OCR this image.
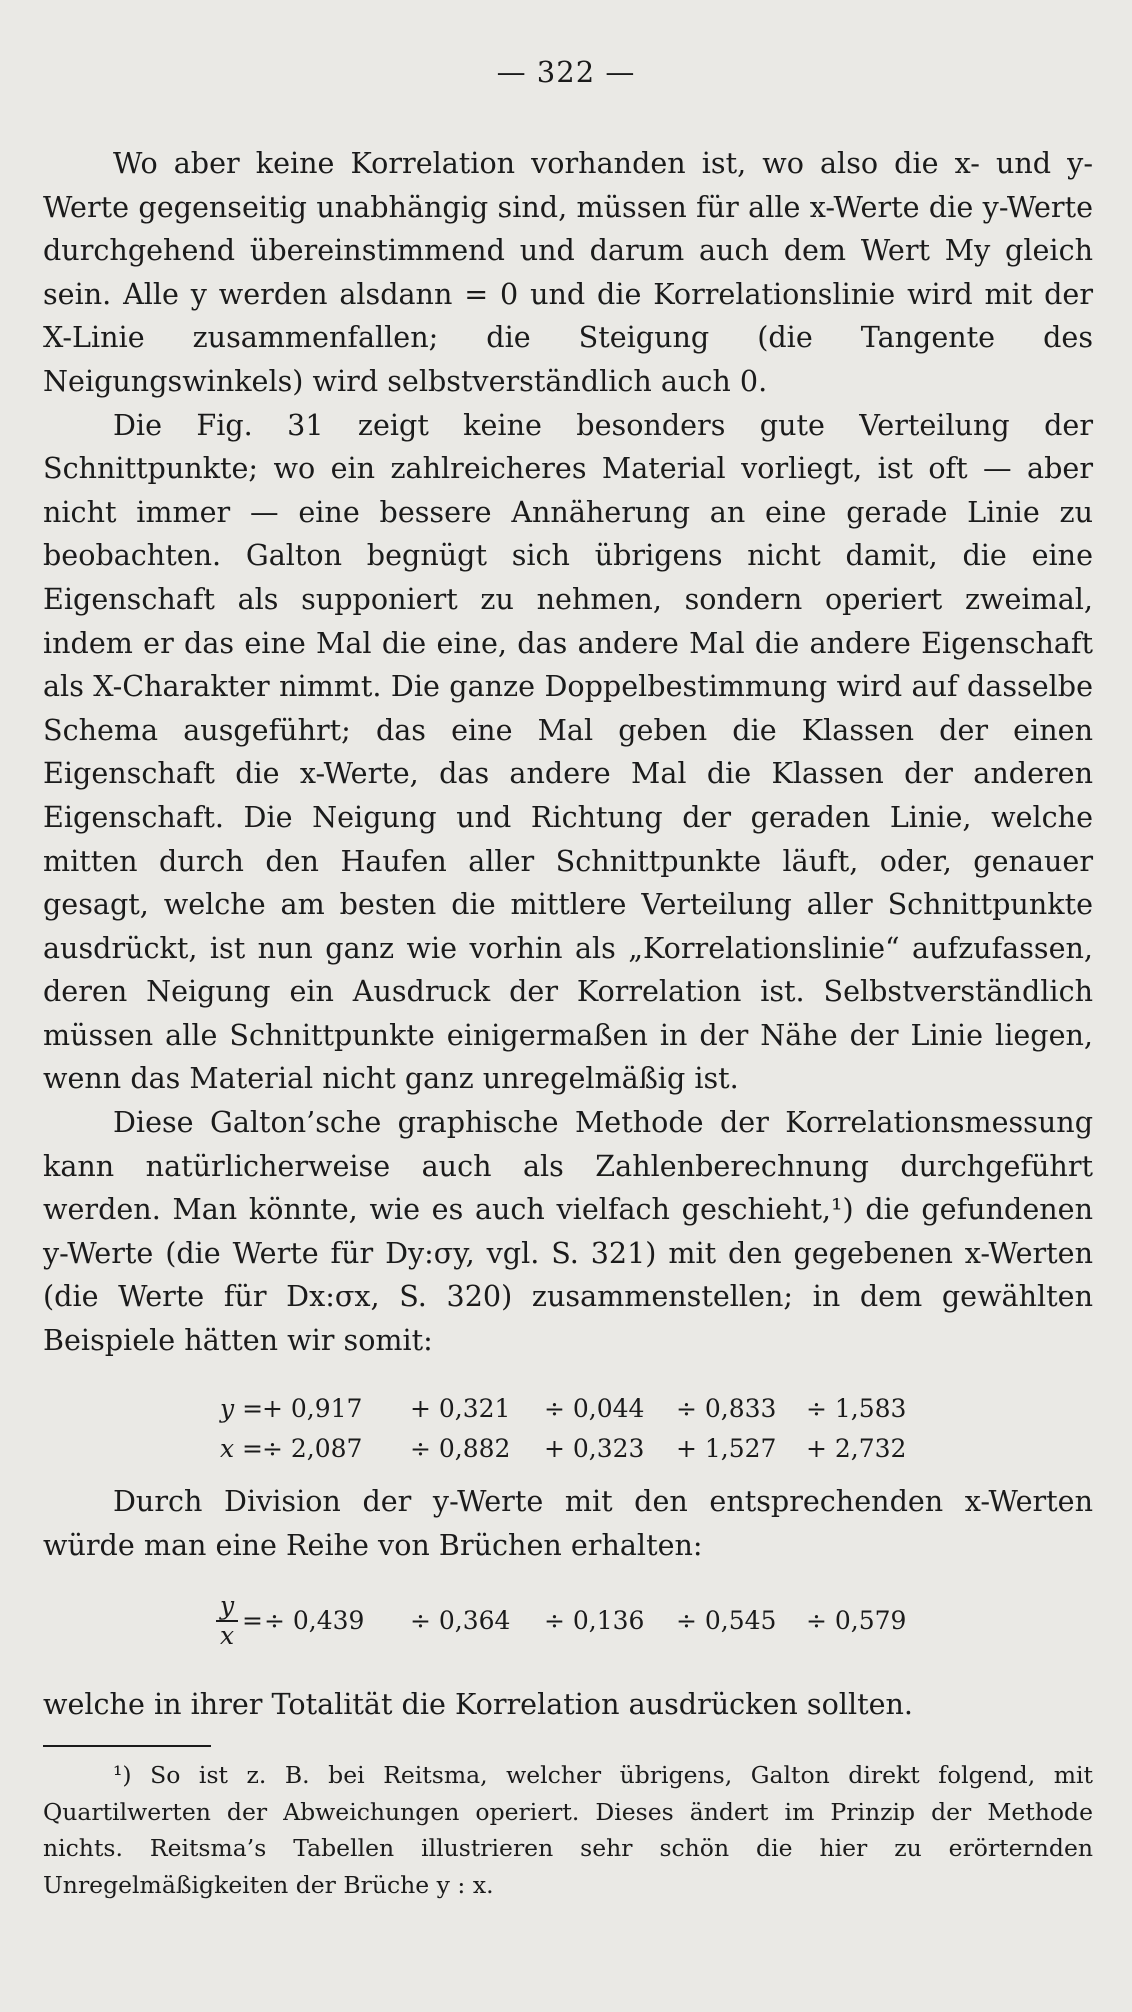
— 322 —

Wo aber keine Korrelation vorhanden ist, wo also die x- und y-Werte gegenseitig unabhängig sind, müssen für alle x-Werte die y-Werte durchgehend übereinstimmend und darum auch dem Wert My gleich sein. Alle y werden alsdann = 0 und die Korrelationslinie wird mit der X-Linie zusammenfallen; die Steigung (die Tangente des Neigungswinkels) wird selbstverständlich auch 0.

Die Fig. 31 zeigt keine besonders gute Verteilung der Schnittpunkte; wo ein zahlreicheres Material vorliegt, ist oft — aber nicht immer — eine bessere Annäherung an eine gerade Linie zu beobachten. Galton begnügt sich übrigens nicht damit, die eine Eigenschaft als supponiert zu nehmen, sondern operiert zweimal, indem er das eine Mal die eine, das andere Mal die andere Eigenschaft als X-Charakter nimmt. Die ganze Doppelbestimmung wird auf dasselbe Schema ausgeführt; das eine Mal geben die Klassen der einen Eigenschaft die x-Werte, das andere Mal die Klassen der anderen Eigenschaft. Die Neigung und Richtung der geraden Linie, welche mitten durch den Haufen aller Schnittpunkte läuft, oder, genauer gesagt, welche am besten die mittlere Verteilung aller Schnittpunkte ausdrückt, ist nun ganz wie vorhin als „Korrelationslinie“ aufzufassen, deren Neigung ein Ausdruck der Korrelation ist. Selbstverständlich müssen alle Schnittpunkte einigermaßen in der Nähe der Linie liegen, wenn das Material nicht ganz unregelmäßig ist.

Diese Galton’sche graphische Methode der Korrelationsmessung kann natürlicherweise auch als Zahlenberechnung durchgeführt werden. Man könnte, wie es auch vielfach geschieht,¹) die gefundenen y-Werte (die Werte für Dy:σy, vgl. S. 321) mit den gegebenen x-Werten (die Werte für Dx:σx, S. 320) zusammenstellen; in dem gewählten Beispiele hätten wir somit:

y =
+ 0,917 + 0,321 ÷ 0,044 ÷ 0,833 ÷ 1,583
x = ÷ 2,087 ÷ 0,882 + 0,323 + 1,527 + 2,732

Durch Division der y-Werte mit den entsprechenden x-Werten würde man eine Reihe von Brüchen erhalten:

y
x
= ÷ 0,439 ÷ 0,364 ÷ 0,136 ÷ 0,545 ÷ 0,579

welche in ihrer Totalität die Korrelation ausdrücken sollten.

¹) So ist z. B. bei Reitsma, welcher übrigens, Galton direkt folgend, mit Quartilwerten der Abweichungen operiert. Dieses ändert im Prinzip der Methode nichts. Reitsma’s Tabellen illustrieren sehr schön die hier zu erörternden Unregelmäßigkeiten der Brüche y : x.
